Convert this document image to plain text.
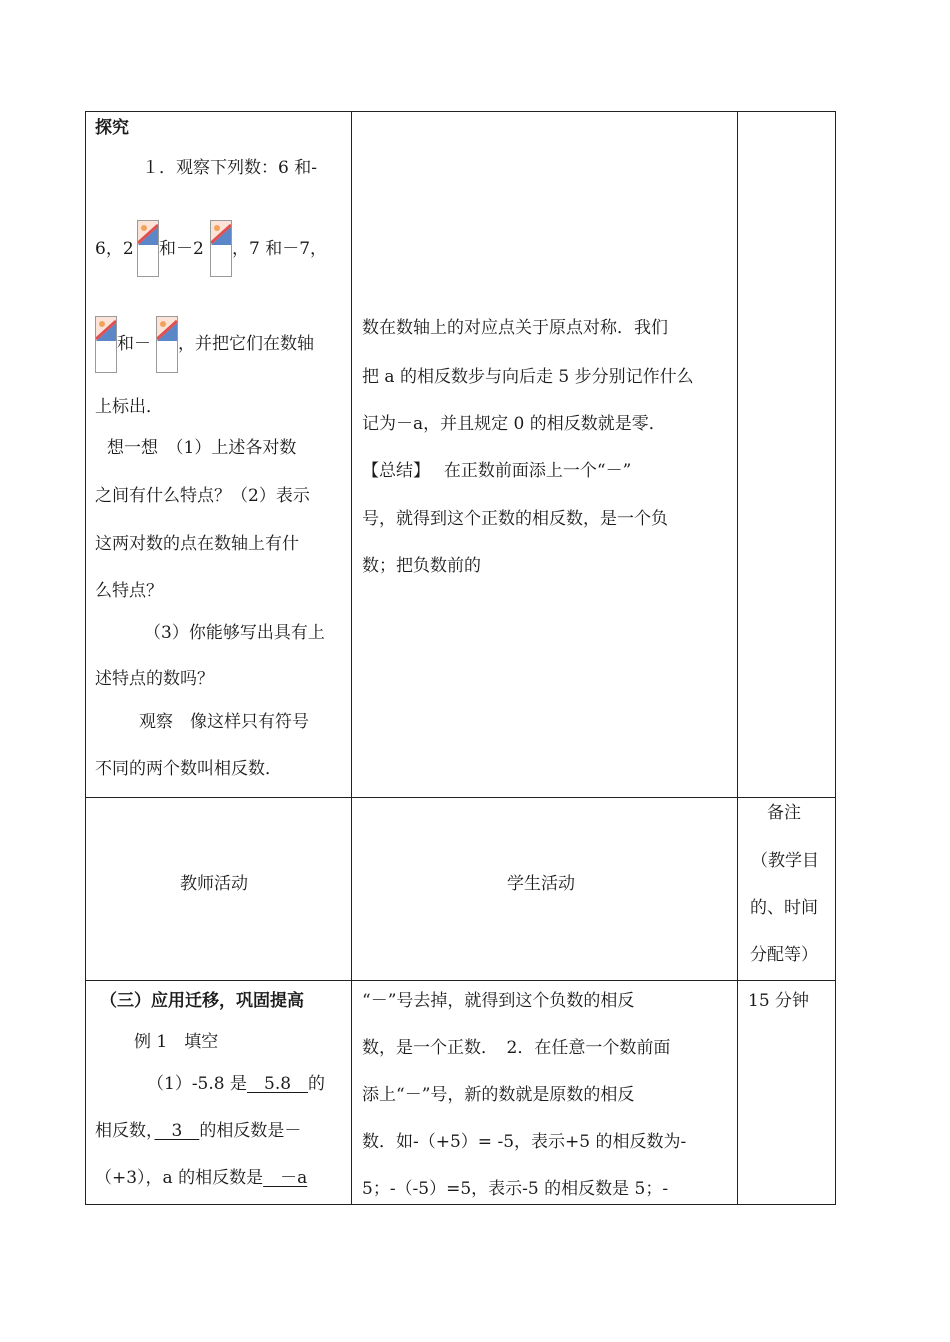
探究
１．观察下列数：6 和-
6，2 和－2 ，7 和－7，
和－ ，并把它们在数轴
上标出．
想一想　（1）上述各对数
之间有什么特点？（2）表示
这两对数的点在数轴上有什
么特点？
（3）你能够写出具有上
述特点的数吗？
观察　像这样只有符号
不同的两个数叫相反数．
数在数轴上的对应点关于原点对称．我们
把 a 的相反数步与向后走 5 步分别记作什么
记为－a，并且规定 0 的相反数就是零．
【总结】　 在正数前面添上一个“－”
号，就得到这个正数的相反数，是一个负
数；把负数前的
教师活动	学生活动
备注
（教学目
的、时间
分配等）
（三）应用迁移，巩固提高
例 1　填空
（1）-5.8 是　5.8　的
相反数，　3　的相反数是－
（+3），a 的相反数是　－a
“－”号去掉，就得到这个负数的相反
数，是一个正数．　2．在任意一个数前面
添上“－”号，新的数就是原数的相反
数．如-（+5）= -5，表示+5 的相反数为-
5；-（-5）=5，表示-5 的相反数是 5；-
15 分钟
